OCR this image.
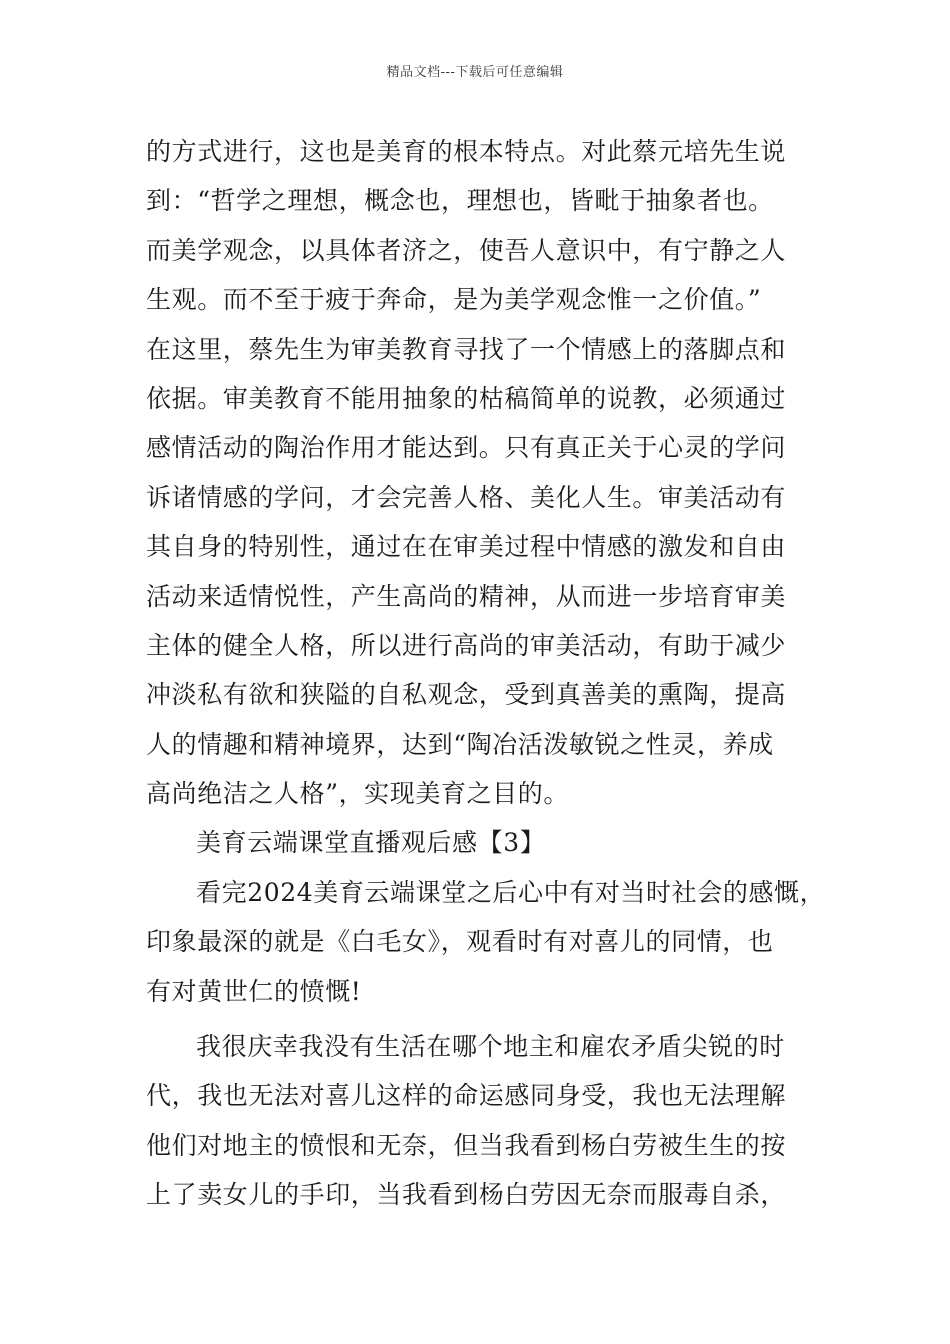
精品文档---下载后可任意编辑
的方式进行，这也是美育的根本特点。对此蔡元培先生说
到：“哲学之理想，概念也，理想也，皆毗于抽象者也。
而美学观念，以具体者济之，使吾人意识中，有宁静之人
生观。而不至于疲于奔命，是为美学观念惟一之价值。”
在这里，蔡先生为审美教育寻找了一个情感上的落脚点和
依据。审美教育不能用抽象的枯稿简单的说教，必须通过
感情活动的陶治作用才能达到。只有真正关于心灵的学问
诉诸情感的学问，才会完善人格、美化人生。审美活动有
其自身的特别性，通过在在审美过程中情感的激发和自由
活动来适情悦性，产生高尚的精神，从而进一步培育审美
主体的健全人格，所以进行高尚的审美活动，有助于减少
冲淡私有欲和狭隘的自私观念，受到真善美的熏陶，提高
人的情趣和精神境界，达到“陶冶活泼敏锐之性灵，养成
高尚绝洁之人格”，实现美育之目的。
美育云端课堂直播观后感【3】
看完2024美育云端课堂之后心中有对当时社会的感慨，
印象最深的就是《白毛女》，观看时有对喜儿的同情，也
有对黄世仁的愤慨!
我很庆幸我没有生活在哪个地主和雇农矛盾尖锐的时
代，我也无法对喜儿这样的命运感同身受，我也无法理解
他们对地主的愤恨和无奈，但当我看到杨白劳被生生的按
上了卖女儿的手印，当我看到杨白劳因无奈而服毒自杀，
